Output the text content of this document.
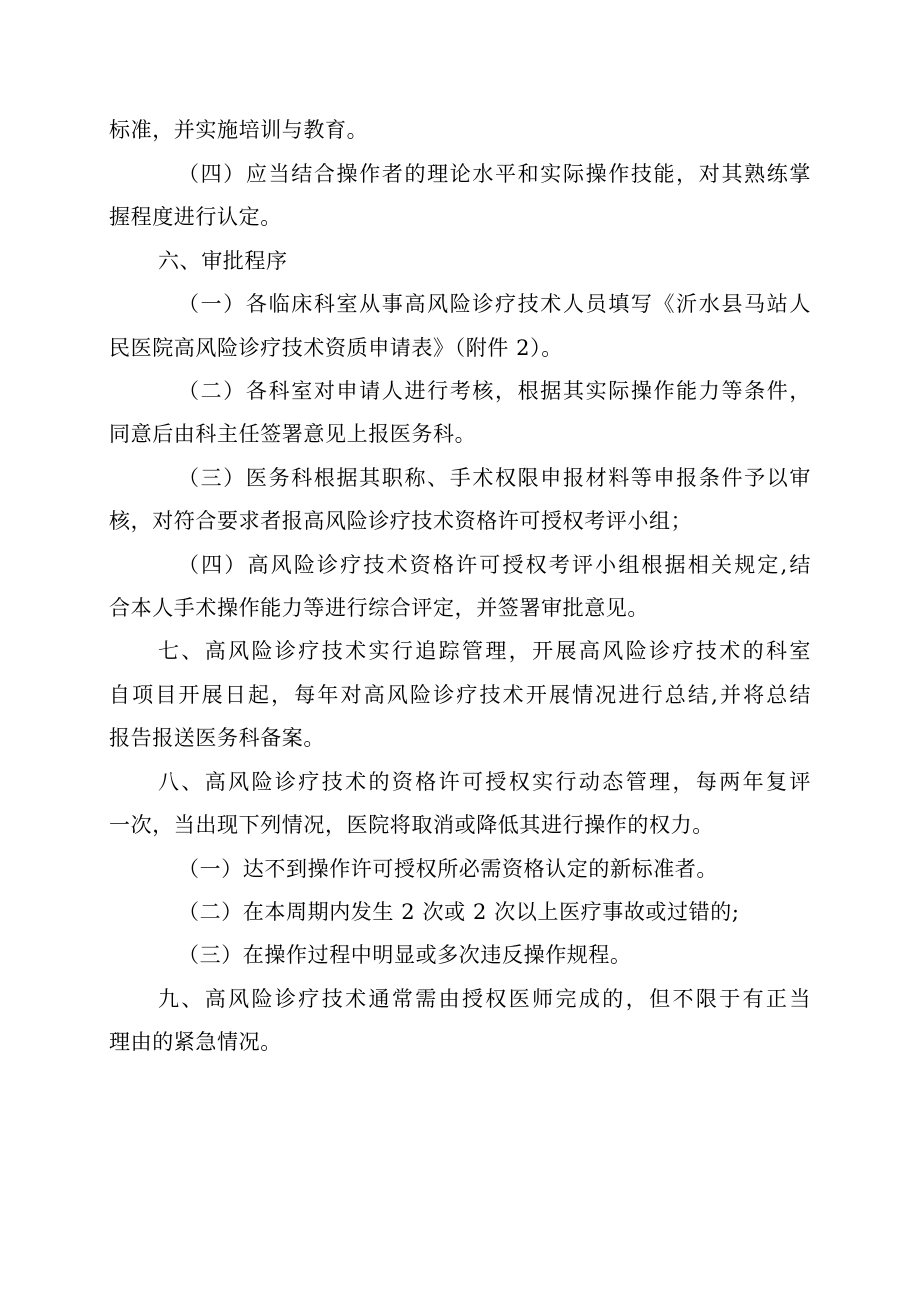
标准，并实施培训与教育。
（四）应当结合操作者的理论水平和实际操作技能，对其熟练掌
握程度进行认定。
六、审批程序
（一）各临床科室从事高风险诊疗技术人员填写《沂水县马站人
民医院高风险诊疗技术资质申请表》（附件 2）。
（二）各科室对申请人进行考核，根据其实际操作能力等条件，
同意后由科主任签署意见上报医务科。
（三）医务科根据其职称、手术权限申报材料等申报条件予以审
核，对符合要求者报高风险诊疗技术资格许可授权考评小组；
（四）高风险诊疗技术资格许可授权考评小组根据相关规定,结
合本人手术操作能力等进行综合评定，并签署审批意见。
七、高风险诊疗技术实行追踪管理，开展高风险诊疗技术的科室
自项目开展日起，每年对高风险诊疗技术开展情况进行总结,并将总结
报告报送医务科备案。
八、高风险诊疗技术的资格许可授权实行动态管理，每两年复评
一次，当出现下列情况，医院将取消或降低其进行操作的权力。
（一）达不到操作许可授权所必需资格认定的新标准者。
（二）在本周期内发生 2 次或 2 次以上医疗事故或过错的;
（三）在操作过程中明显或多次违反操作规程。
九、高风险诊疗技术通常需由授权医师完成的，但不限于有正当
理由的紧急情况。
